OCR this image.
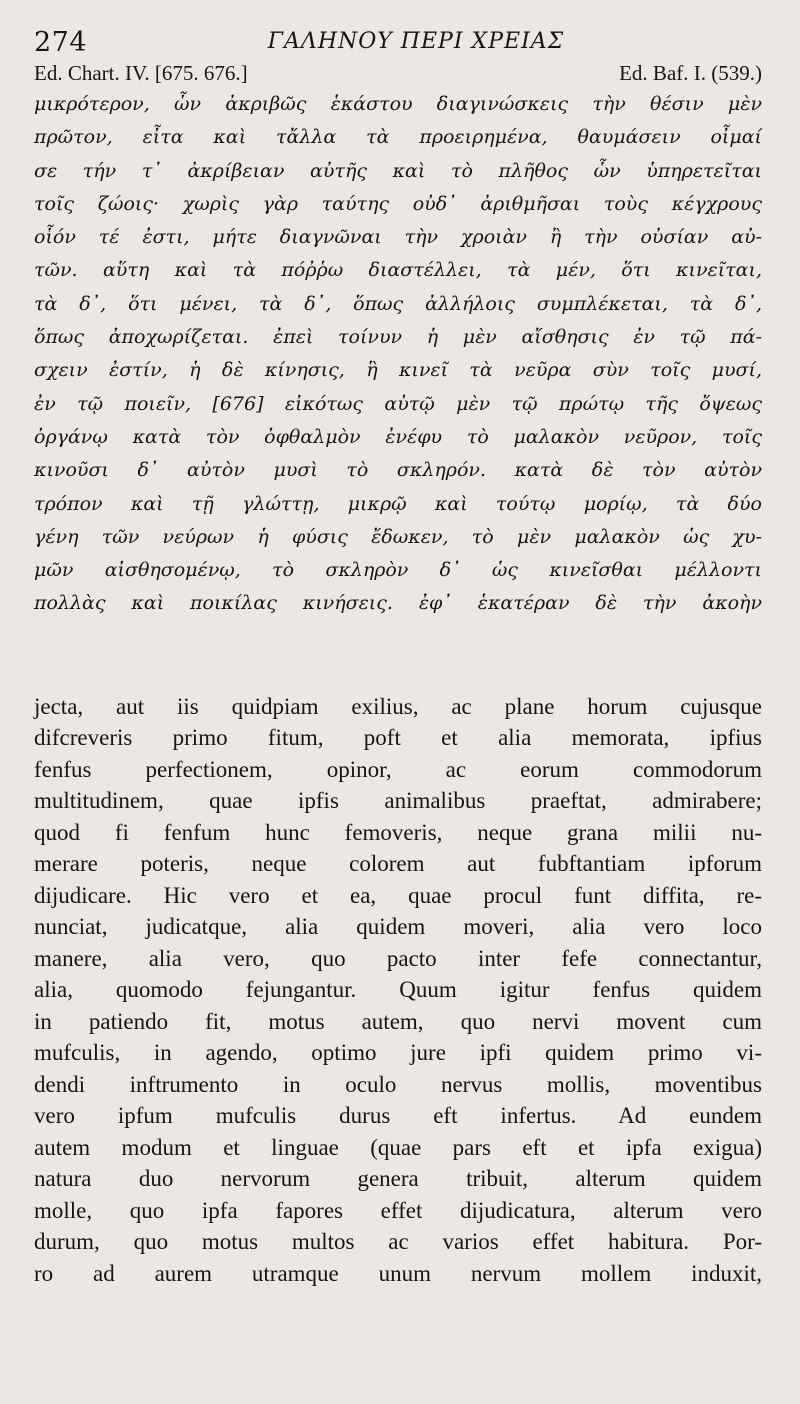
274	ΓΑΛΗΝΟΥ ΠΕΡΙ ΧΡΕΙΑΣ
Ed. Chart. IV. [675. 676.]	Ed. Baf. I. (539.)
μικρότερον, ὧν ἀκριβῶς ἑκάστου διαγινώσκεις τὴν θέσιν μὲν
πρῶτον, εἶτα καὶ τἄλλα τὰ προειρημένα, θαυμάσειν οἶμαί
σε τήν τ᾽ ἀκρίβειαν αὐτῆς καὶ τὸ πλῆθος ὧν ὑπηρετεῖται
τοῖς ζώοις· χωρὶς γὰρ ταύτης οὐδ᾽ ἀριθμῆσαι τοὺς κέγχρους
οἷόν τέ ἐστι, μήτε διαγνῶναι τὴν χροιὰν ἢ τὴν οὐσίαν αὐ-
τῶν. αὕτη καὶ τὰ πόῤῥω διαστέλλει, τὰ μέν, ὅτι κινεῖται,
τὰ δ᾽, ὅτι μένει, τὰ δ᾽, ὅπως ἀλλήλοις συμπλέκεται, τὰ δ᾽,
ὅπως ἀποχωρίζεται. ἐπεὶ τοίνυν ἡ μὲν αἴσθησις ἐν τῷ πά-
σχειν ἐστίν, ἡ δὲ κίνησις, ἣ κινεῖ τὰ νεῦρα σὺν τοῖς μυσί,
ἐν τῷ ποιεῖν, [676] εἰκότως αὐτῷ μὲν τῷ πρώτῳ τῆς ὄψεως
ὀργάνῳ κατὰ τὸν ὀφθαλμὸν ἐνέφυ τὸ μαλακὸν νεῦρον, τοῖς
κινοῦσι δ᾽ αὐτὸν μυσὶ τὸ σκληρόν. κατὰ δὲ τὸν αὐτὸν
τρόπον καὶ τῇ γλώττῃ, μικρῷ καὶ τούτῳ μορίῳ, τὰ δύο
γένη τῶν νεύρων ἡ φύσις ἔδωκεν, τὸ μὲν μαλακὸν ὡς χυ-
μῶν αἰσθησομένῳ, τὸ σκληρὸν δ᾽ ὡς κινεῖσθαι μέλλοντι
πολλὰς καὶ ποικίλας κινήσεις. ἐφ᾽ ἑκατέραν δὲ τὴν ἀκοὴν
jecta, aut iis quidpiam exilius, ac plane horum cujusque
difcreveris primo fitum, poft et alia memorata, ipfius
fenfus perfectionem, opinor, ac eorum commodorum
multitudinem, quae ipfis animalibus praeftat, admirabere;
quod fi fenfum hunc femoveris, neque grana milii nu-
merare poteris, neque colorem aut fubftantiam ipforum
dijudicare. Hic vero et ea, quae procul funt diffita, re-
nunciat, judicatque, alia quidem moveri, alia vero loco
manere, alia vero, quo pacto inter fefe connectantur,
alia, quomodo fejungantur. Quum igitur fenfus quidem
in patiendo fit, motus autem, quo nervi movent cum
mufculis, in agendo, optimo jure ipfi quidem primo vi-
dendi inftrumento in oculo nervus mollis, moventibus
vero ipfum mufculis durus eft infertus. Ad eundem
autem modum et linguae (quae pars eft et ipfa exigua)
natura duo nervorum genera tribuit, alterum quidem
molle, quo ipfa fapores effet dijudicatura, alterum vero
durum, quo motus multos ac varios effet habitura. Por-
ro ad aurem utramque unum nervum mollem induxit,
